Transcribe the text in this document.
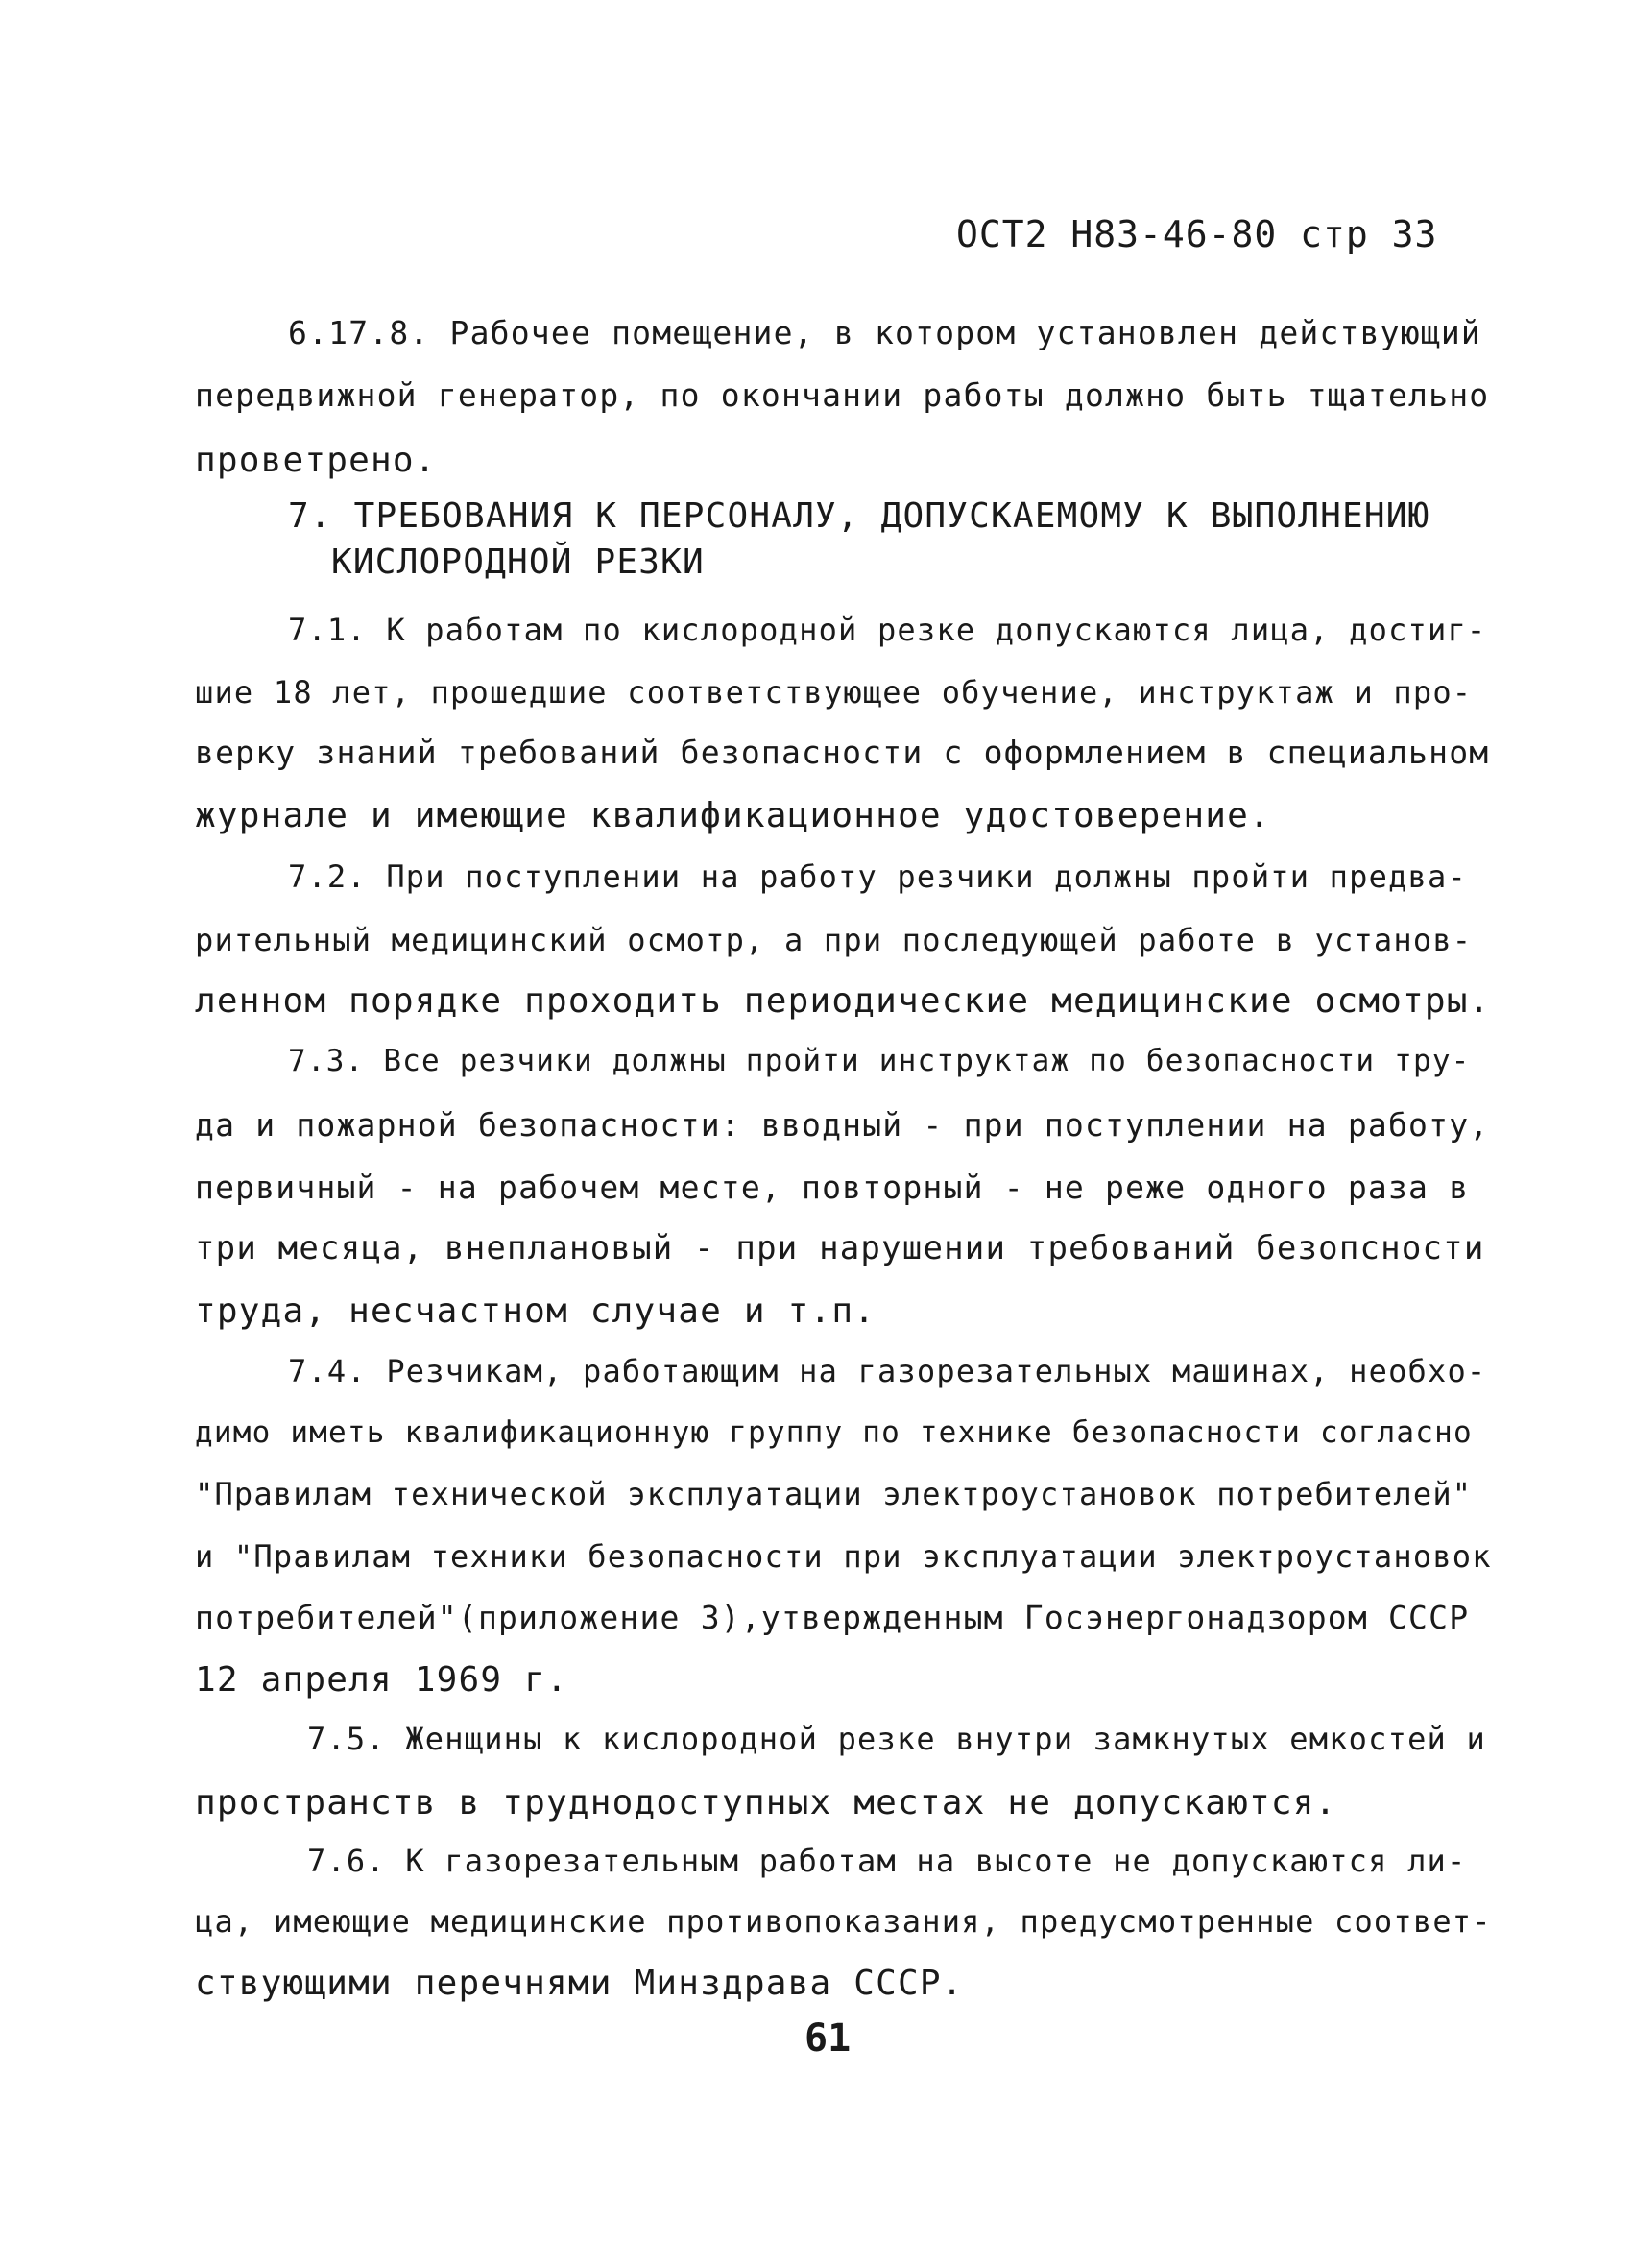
ОСТ2 Н83-46-80 стр 33
6.17.8. Рабочее помещение, в котором установлен действующий
передвижной генератор, по окончании работы должно быть тщательно
проветрено.
7. ТРЕБОВАНИЯ К ПЕРСОНАЛУ, ДОПУСКАЕМОМУ К ВЫПОЛНЕНИЮ
КИСЛОРОДНОЙ РЕЗКИ
7.1. К работам по кислородной резке допускаются лица, достиг-
шие 18 лет, прошедшие соответствующее обучение, инструктаж и про-
верку знаний требований безопасности с оформлением в специальном
журнале и имеющие квалификационное удостоверение.
7.2. При поступлении на работу резчики должны пройти предва-
рительный медицинский осмотр, а при последующей работе в установ-
ленном порядке проходить периодические медицинские осмотры.
7.3. Все резчики должны пройти инструктаж по безопасности тру-
да и пожарной безопасности: вводный - при поступлении на работу,
первичный - на рабочем месте, повторный - не реже одного раза в
три месяца, внеплановый - при нарушении требований безопсности
труда, несчастном случае и т.п.
7.4. Резчикам, работающим на газорезательных машинах, необхо-
димо иметь квалификационную группу по технике безопасности согласно
"Правилам технической эксплуатации электроустановок потребителей"
и "Правилам техники безопасности при эксплуатации электроустановок
потребителей"(приложение 3),утвержденным Госэнергонадзором СССР
12 апреля 1969 г.
7.5. Женщины к кислородной резке внутри замкнутых емкостей и
пространств в труднодоступных местах не допускаются.
7.6. К газорезательным работам на высоте не допускаются ли-
ца, имеющие медицинские противопоказания, предусмотренные соответ-
ствующими перечнями Минздрава СССР.
61
